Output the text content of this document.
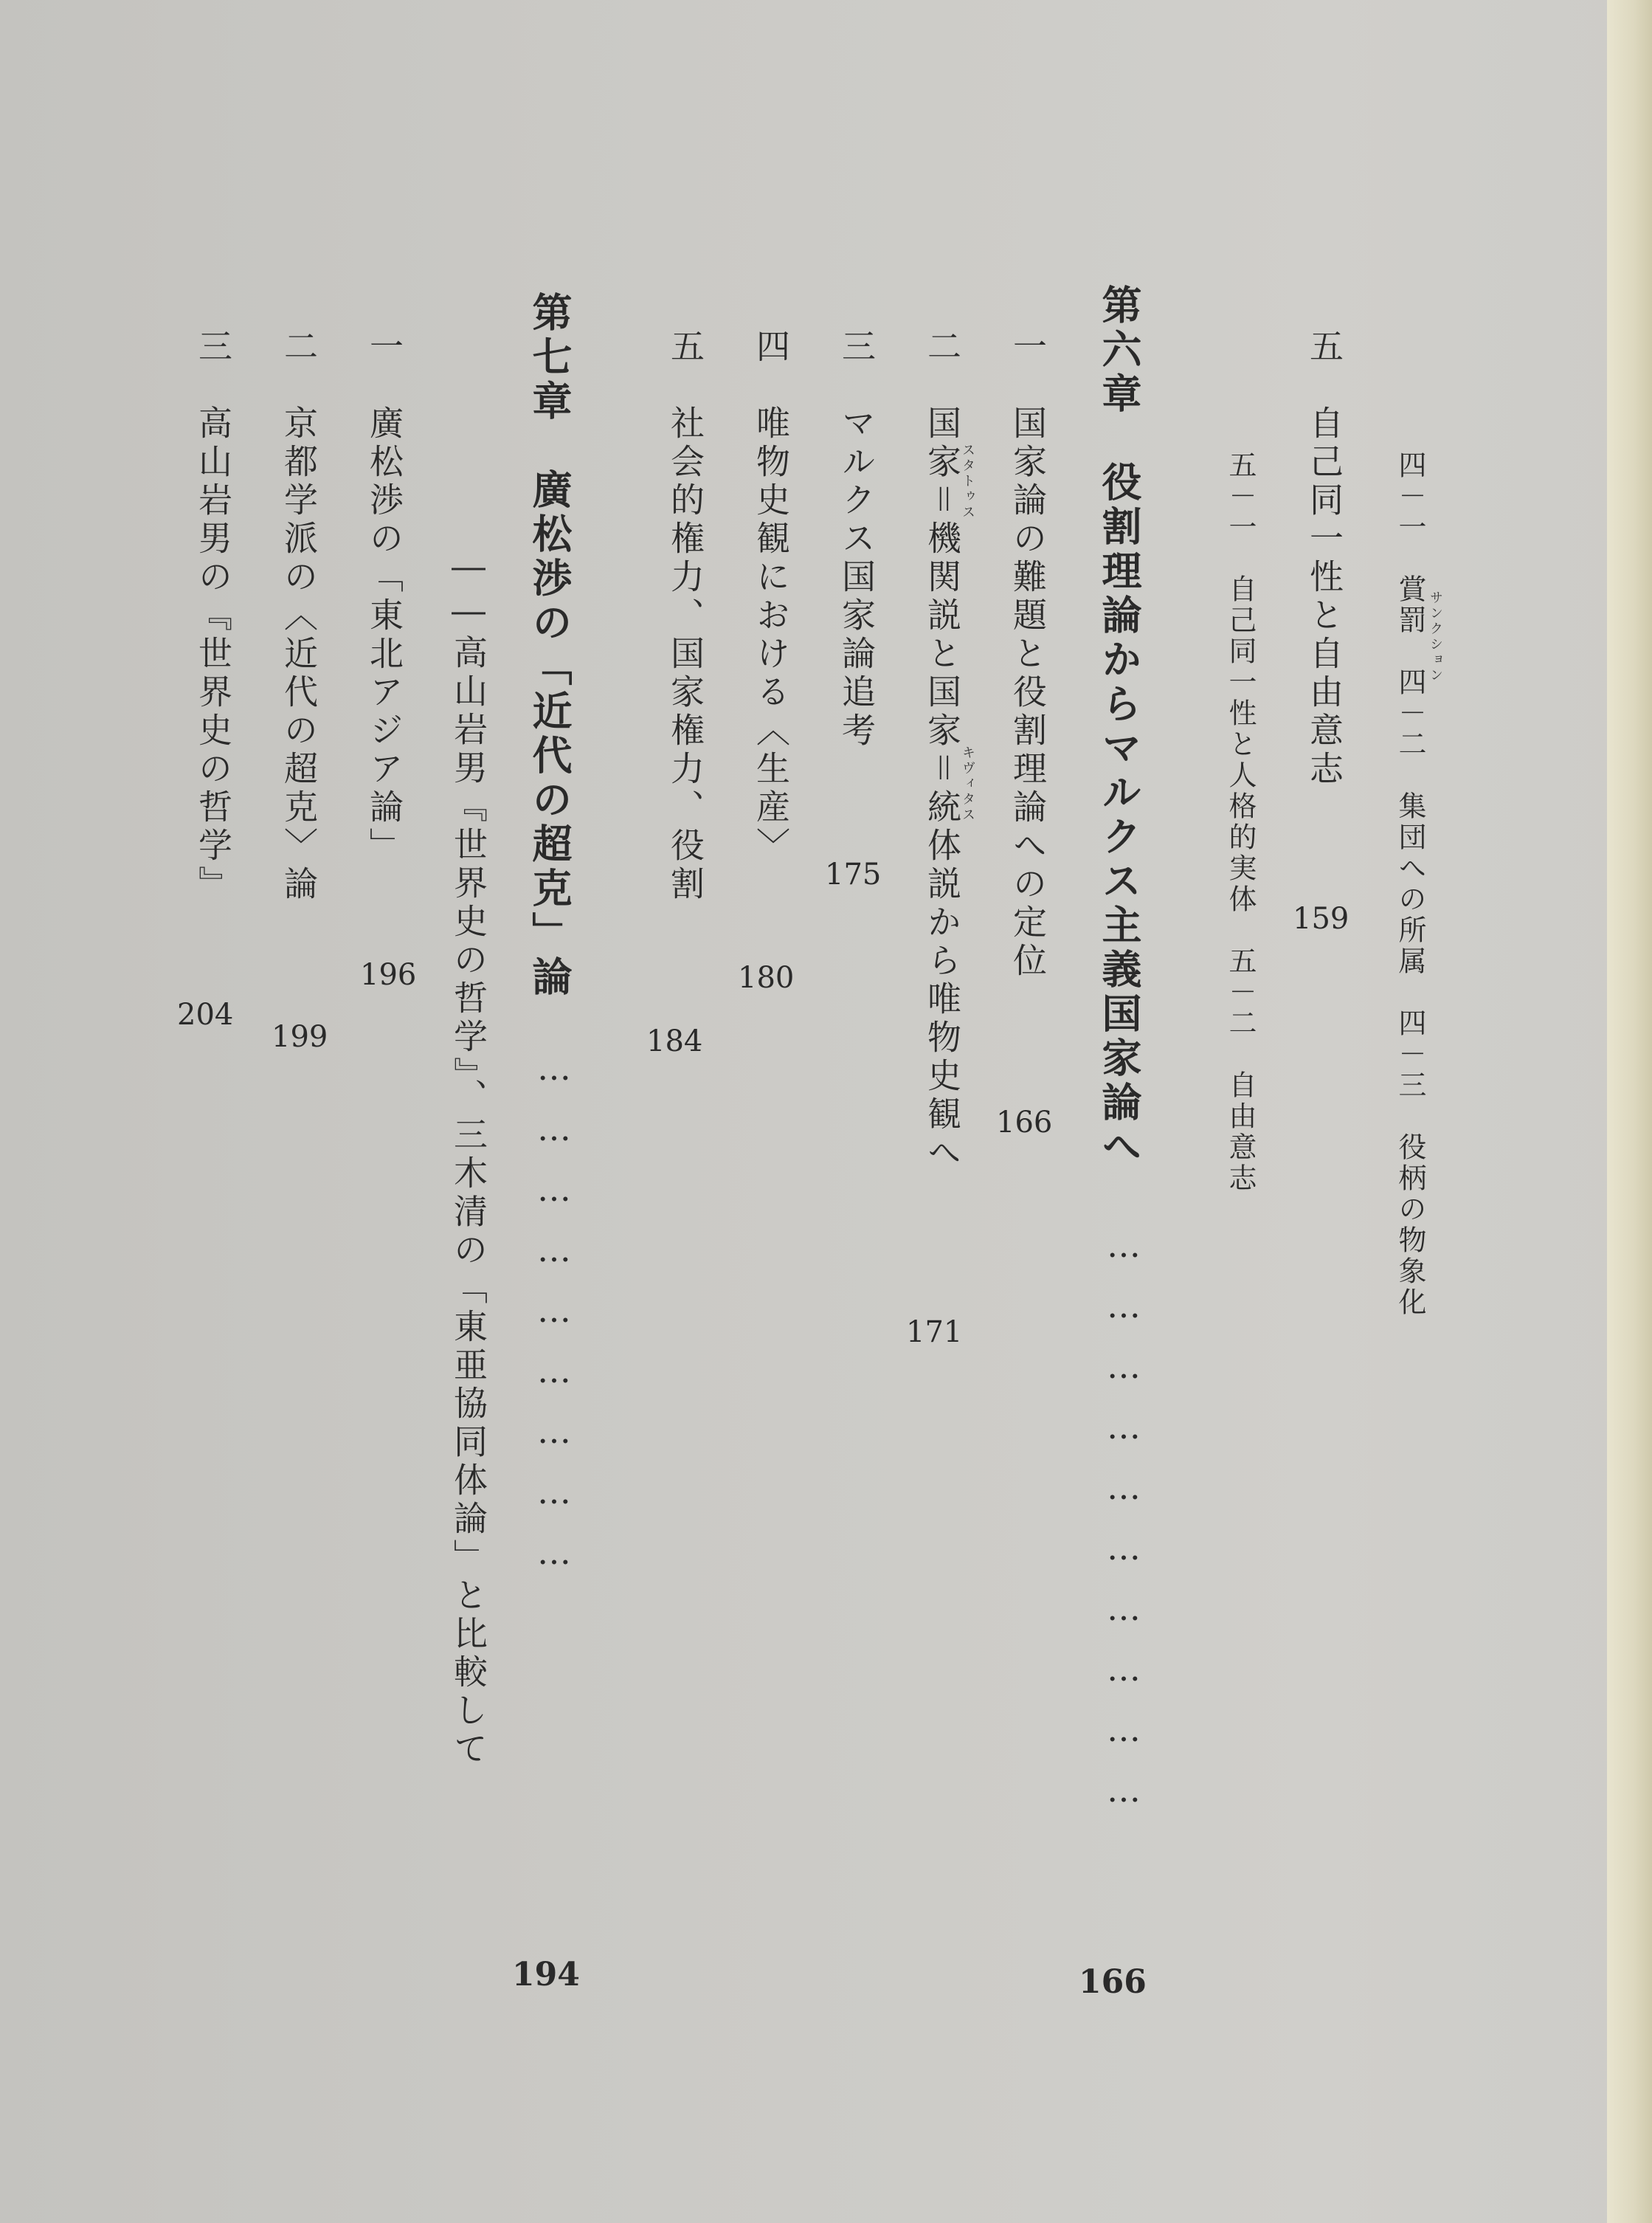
四－一　賞罰　四－二　集団への所属　四－三　役柄の物象化 サンクション
五　自己同一性と自由意志
159
五－一　自己同一性と人格的実体　五－二　自由意志
第六章　役割理論からマルクス主義国家論へ
…………………………
166
一　国家論の難題と役割理論への定位
166
二　国家＝機関説と国家＝統体説から唯物史観へ
スタトゥス
キヴィタス
171
三　マルクス国家論追考
175
四　唯物史観における〈生産〉
180
五　社会的権力、国家権力、役割
184
第七章　廣松渉の「近代の超克」論
………………………
194
――高山岩男『世界史の哲学』、三木清の「東亜協同体論」と比較して
一　廣松渉の「東北アジア論」
196
二　京都学派の〈近代の超克〉論
199
三　高山岩男の『世界史の哲学』
204
